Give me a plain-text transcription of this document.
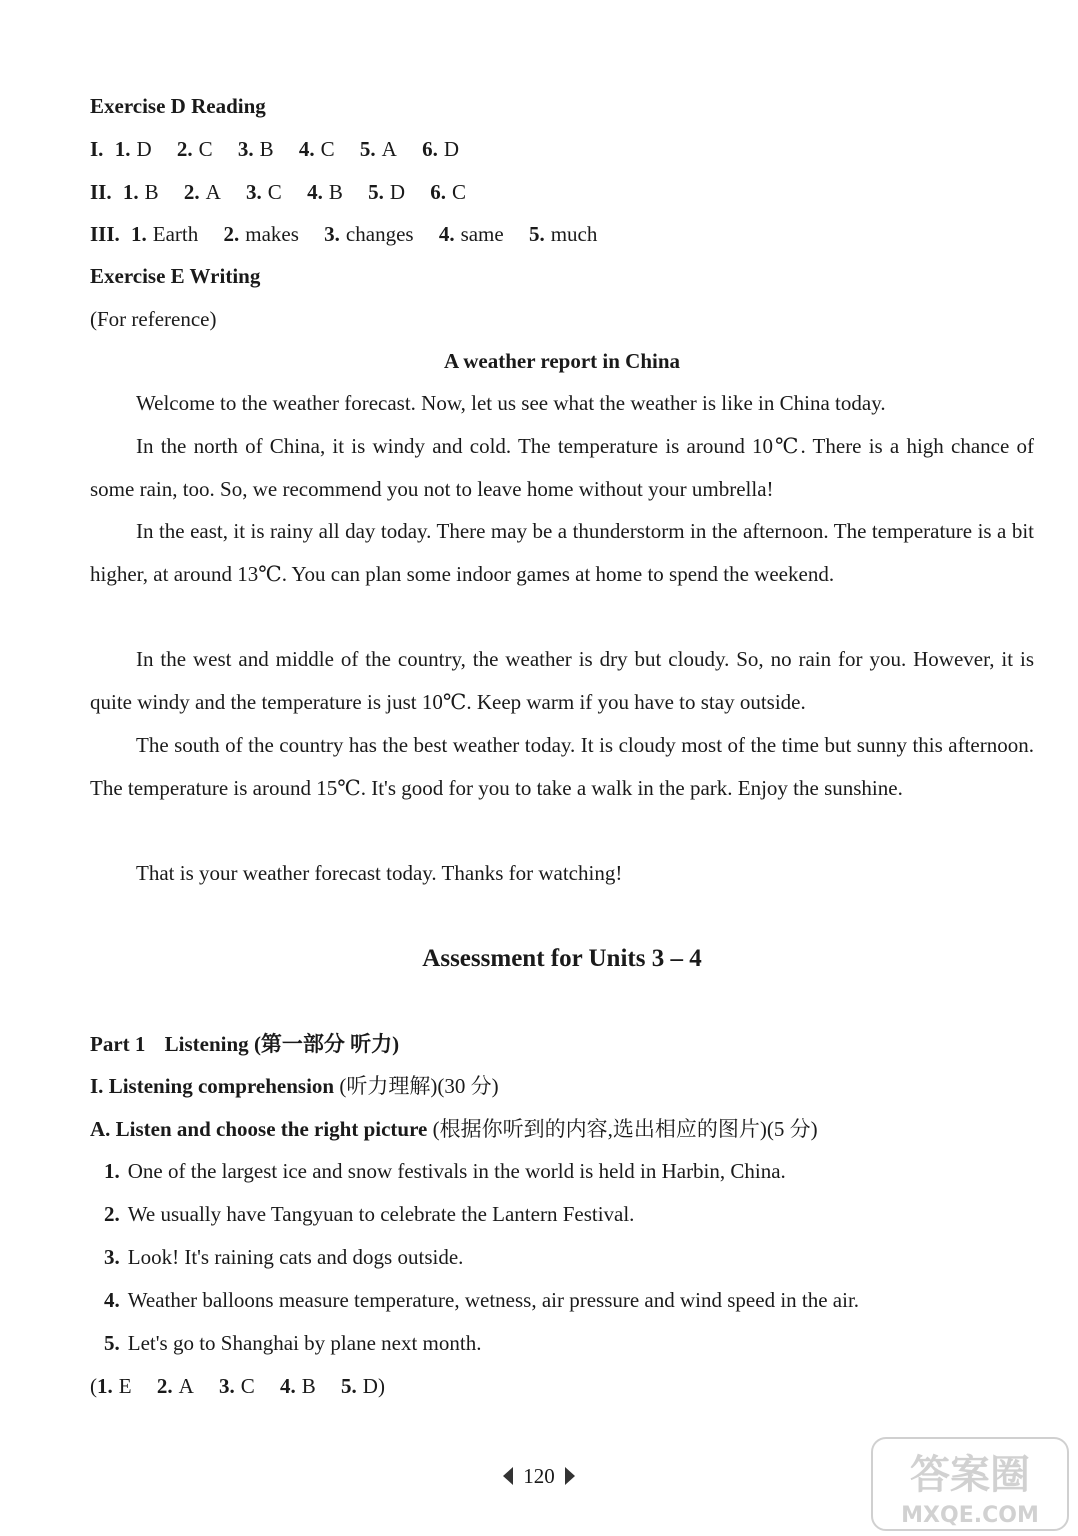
Exercise D Reading
I. 1. D 2. C 3. B 4. C 5. A 6. D
II. 1. B 2. A 3. C 4. B 5. D 6. C
III. 1. Earth 2. makes 3. changes 4. same 5. much
Exercise E Writing
(For reference)
A weather report in China
Welcome to the weather forecast. Now, let us see what the weather is like in China today.
In the north of China, it is windy and cold. The temperature is around 10℃. There is a high chance of some rain, too. So, we recommend you not to leave home without your umbrella!
In the east, it is rainy all day today. There may be a thunderstorm in the afternoon. The temperature is a bit higher, at around 13℃. You can plan some indoor games at home to spend the weekend.
In the west and middle of the country, the weather is dry but cloudy. So, no rain for you. However, it is quite windy and the temperature is just 10℃. Keep warm if you have to stay outside.
The south of the country has the best weather today. It is cloudy most of the time but sunny this afternoon. The temperature is around 15℃. It's good for you to take a walk in the park. Enjoy the sunshine.
That is your weather forecast today. Thanks for watching!
Assessment for Units 3 – 4
Part 1 Listening (第一部分 听力)
I. Listening comprehension (听力理解)(30 分)
A. Listen and choose the right picture (根据你听到的内容,选出相应的图片)(5 分)
1. One of the largest ice and snow festivals in the world is held in Harbin, China.
2. We usually have Tangyuan to celebrate the Lantern Festival.
3. Look! It's raining cats and dogs outside.
4. Weather balloons measure temperature, wetness, air pressure and wind speed in the air.
5. Let's go to Shanghai by plane next month.
(1. E 2. A 3. C 4. B 5. D)
120	答案圈
MXQE.COM
